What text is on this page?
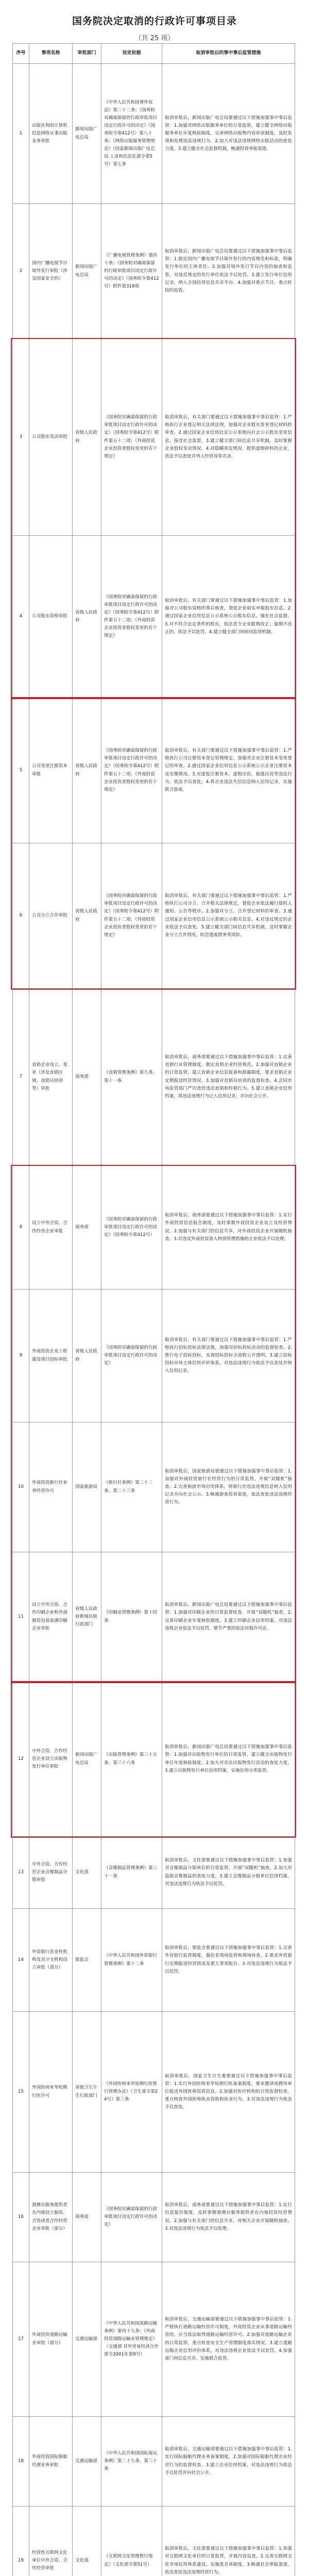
国务院决定取消的行政许可事项目录

（共 25 项）

序号	事项名称	审批部门	设定依据	取消审批后的事中事后监管措施
1	出版社利用计算机信息网络从事出版业务审批	新闻出版广电总局	《中华人民共和国著作权法》第二十二条；《国务院对确需保留的行政审批项目设定行政许可的决定》（国务院令第412号）第八十条；《网络出版服务管理规定》（国家新闻出版广电总局 工业和信息化部令第5号）第七条	取消审批后，新闻出版广电总局要通过以下措施加强事中事后监管：1.加强对网络出版服务单位的日常监管，建立健全网络出版服务单位年度核验制度，完善网络出版物内容审读制度，及时发现和处理违法违规行为。2.加大对违法违规网络出版活动的查处力度。3.建立健全社会监督机制，畅通投诉举报渠道。
2	国内广播电视节目境外发行审批（涉及国家安全的）	新闻出版广电总局	《广播电视管理条例》第四十条；《国务院对确需保留的行政审批项目设定行政许可的决定》（国务院令第412号）附件第319项	取消审批后，新闻出版广电总局要通过以下措施加强事中事后监管：1.制定国内广播电视节目境外发行的内容规范和标准，明确发行单位的主体责任。2.加强对境外发行节目内容的抽查和监看，对违反规定的发行单位依法予以处罚。3.建立发行单位信用记录，纳入全国信用信息共享平台。4.加强对重点节目、重点时段的监管。
3	公司股东变动审批	省级人民政府	《国务院对确需保留的行政审批项目设定行政许可的决定》（国务院令第412号）附件第五十二项；《外商投资企业投资者股权变更的若干规定》	取消审批后，有关部门要通过以下措施加强事中事后监管：1.严格执行企业登记相关法律法规，加强对企业股东变更登记材料的审查。2.通过国家企业信用信息公示系统向社会公示股东变更信息，接受社会监督。3.建立健全部门间信息共享机制，及时掌握企业股权变动情况。4.对隐瞒真实情况、提供虚假材料的企业，依法予以查处并列入经营异常名录。
4	公司股东资格审批	省级人民政府	《国务院对确需保留的行政审批项目设定行政许可的决定》（国务院令第412号）附件第五十二项；《外商投资企业投资者股权变更的若干规定》	取消审批后，有关部门要通过以下措施加强事中事后监管：1.加强对公司股东资格的事后核查，督促企业如实申报股东信息。2.通过国家企业信用信息公示系统公示股东信息，强化社会监督。3.对不符合法定条件的股东，依法责令企业限期改正；逾期不改正的，依法予以处罚。4.建立健全部门间协同监管机制。
5	公司变更注册资本审批	省级人民政府	《国务院对确需保留的行政审批项目设定行政许可的决定》（国务院令第412号）附件第五十二项；《外商投资企业投资者股权变更的若干规定》	取消审批后，有关部门要通过以下措施加强事中事后监管：1.严格执行公司注册资本登记管理规定，加强对企业注册资本变更登记的审查。2.通过国家企业信用信息公示系统公示企业注册资本及实缴情况。3.对虚报注册资本、虚假出资、抽逃出资等违法行为，依法予以查处。4.将企业违法失信信息纳入信用记录，实施联合惩戒。
6	公司分立合并审批	省级人民政府	《国务院对确需保留的行政审批项目设定行政许可的决定》（国务院令第412号）附件第五十二项；《外商投资企业投资者股权变更的若干规定》	取消审批后，有关部门要通过以下措施加强事中事后监管：1.严格执行公司分立、合并相关法律规定，督促企业依法履行债权人通知、公告等程序。2.加强对分立、合并登记材料的审查。3.通过国家企业信用信息公示系统公示相关信息。4.对违反规定的企业依法予以查处。5.建立健全部门间信息共享机制，及时掌握企业分立合并情况，防范逃废债务等风险。
7	直销企业设立、变更（涉及直销区域、直销员培训等）审批	商务部	《直销管理条例》第九条、第十一条	取消审批后，商务部要通过以下措施加强事中事后监管：1.完善直销行业管理制度，制定直销企业经营规范。2.加强对直销企业的日常监管，建立直销企业信息报备和披露制度，要求直销企业定期报送经营情况。3.加强对直销员培训的监督检查。4.会同市场监管部门严厉查处违法直销和传销行为。5.建立直销企业信用档案，将违法违规行为记入信用记录，并向社会公开。
8	设立中外合资、合作经营企业审批	商务部	《国务院对确需保留的行政审批项目设定行政许可的决定》（国务院令第412号）	取消审批后，商务部要通过以下措施加强事中事后监管：1.实行外商投资信息报告制度，及时掌握外商投资企业设立及经营情况。2.加强与有关部门的信息共享，对外商投资企业开展随机抽查。3.对违反外商投资准入特别管理措施的企业依法予以处理。
9	外商投资企业工程建设项目招标审批	省级人民政府	《国务院对确需保留的行政审批项目设定行政许可的决定》	取消审批后，有关部门要通过以下措施加强事中事后监管：1.严格执行招标投标法律法规，加强对招标投标活动的监督检查。2.推行电子招标投标，实现招标投标全流程公开透明。3.建立招标投标市场主体信用评价体系，对违法违规行为依法予以查处并纳入信用记录。
10	外商投资旅行社业务经营许可	国家旅游局	《旅行社条例》第二十二条、第二十三条	取消审批后，国家旅游局要通过以下措施加强事中事后监管：1.加强对外商投资旅行社经营行为的日常监管，开展“双随机”抽查。2.完善旅游市场信用体系，将旅行社违法违规信息纳入信用记录并向社会公示。3.畅通游客投诉渠道，依法查处违法违规经营行为。
11	设立中外合资、合作印刷企业和外商独资包装装潢印刷企业审批	省级人民政府新闻出版行政部门	《印刷业管理条例》第十四条	取消审批后，新闻出版广电总局要通过以下措施加强事中事后监管：1.加强对印刷企业的日常监督检查，开展“双随机”抽查。2.完善印刷企业年度核验制度。3.建立印刷企业信用档案，对违法违规企业依法予以处罚，情节严重的依法吊销许可证。
12	中外合资、合作经营企业设立出版物发行单位审批	新闻出版广电总局	《出版管理条例》第三十五条、第三十六条	取消审批后，新闻出版广电总局要通过以下措施加强事中事后监管：1.加强对出版物发行单位的日常监管，建立健全出版物发行单位年度核验制度。2.加大对非法出版物发行活动的查处力度。3.建立出版物发行单位信用档案，实施信用分类监管。
13	中外合资、合作经营企业音像制品分销审批	文化部	《音像制品管理条例》第三十一条	取消审批后，文化部要通过以下措施加强事中事后监管：1.加强对音像制品分销单位的日常监管，开展“双随机”抽查。2.加大对盗版音像制品的查处力度。3.建立音像制品分销单位信用档案，对违法违规行为依法予以处罚。
14	外资银行营业性机构及其分支机构设立审批（部分）	银监会	《中华人民共和国外资银行管理条例》第十二条	取消审批后，银监会要通过以下措施加强事中事后监管：1.完善外资银行监管制度，强化非现场监管和现场检查。2.要求外资银行定期报送经营情况及重大事项报告。3.对违法违规行为依法予以处罚。
15	外国医师来华短期行医许可	省级卫生计生行政部门	《外国医师来华短期行医暂行管理办法》（卫生部令第24号）第三条	取消审批后，国家卫生计生委要通过以下措施加强事中事后监管：1.实行外国医师来华短期行医备案制度，要求邀请或聘用单位报送外国医师资质信息。2.加强对医疗机构的日常监督检查，重点核查外国医师执业资格和执业行为。3.对违法违规行为依法予以查处。
16	港澳台服务提供者在内地设立独资、合资或者合作经营企业审批（部分）	商务部	《国务院对确需保留的行政审批项目设定行政许可的决定》	取消审批后，商务部要通过以下措施加强事中事后监管：1.实行信息报告制度，及时掌握港澳台服务提供者在内地投资经营情况。2.加强与有关部门的信息共享，对相关企业开展随机抽查。3.对违法违规行为依法予以处理。
17	外商投资道路运输业审批（部分）	交通运输部	《中华人民共和国道路运输条例》第四十九条；《外商投资道路运输业管理规定》（交通部 对外贸易经济合作部令2001年第9号）	取消审批后，交通运输部要通过以下措施加强事中事后监管：1.严格执行道路运输经营许可制度，外商投资企业从事道路运输经营的，应当依法取得道路运输经营许可。2.加强对道路运输企业的日常监管，重点检查安全生产管理制度落实情况。3.建立道路运输企业信用评价体系，对违法违规企业依法予以处罚。4.加强部门间信息共享，实施联合监管。
18	外商投资国际船舶代理业务审批	交通运输部	《中华人民共和国国际海运条例》第二十九条、第三十条	取消审批后，交通运输部要通过以下措施加强事中事后监管：1.实行国际船舶代理业务备案制度。2.加强对国际船舶代理企业经营行为的监督检查。3.建立企业信用档案，对违法违规行为依法予以处罚并向社会公开。
19	经营性互联网文化单位中外合资、合作经营审批	文化部	《互联网文化管理暂行规定》（文化部令第51号）	取消审批后，文化部要通过以下措施加强事中事后监管：1.加强对互联网文化单位的日常监管，开展内容巡查。2.完善互联网文化市场信用体系建设，实施黑名单制度。3.畅通社会举报渠道，依法查处违法违规经营行为。
